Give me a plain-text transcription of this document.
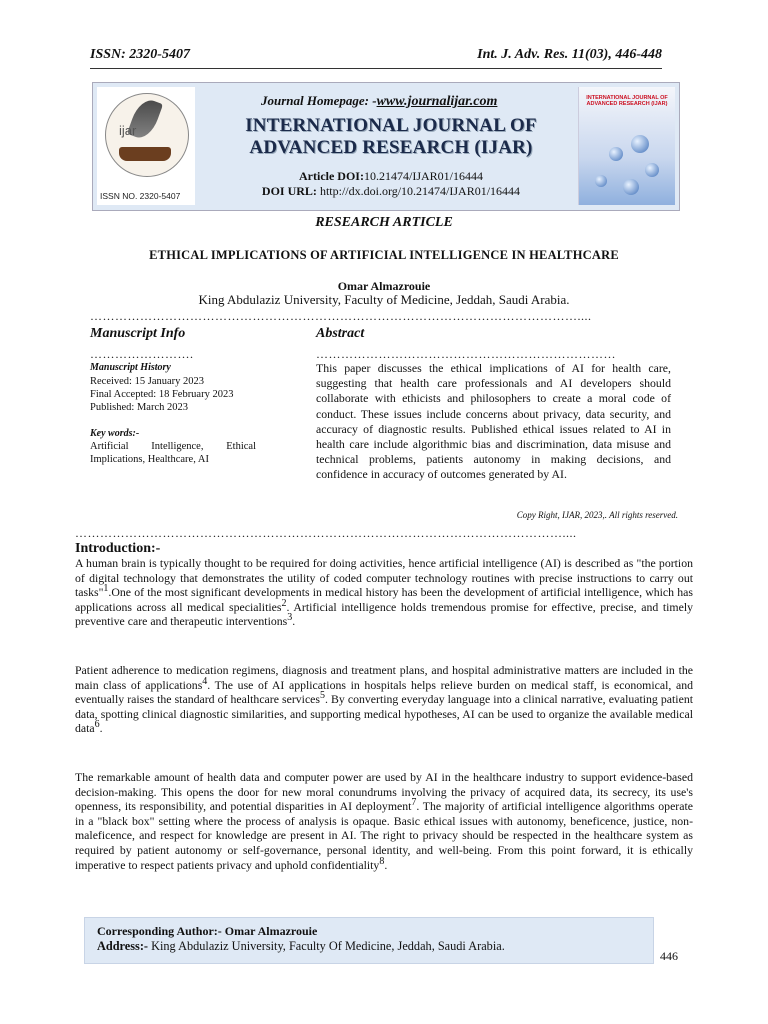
ISSN: 2320-5407	Int. J. Adv. Res. 11(03), 446-448
ijar
ISSN NO. 2320-5407
Journal Homepage: -www.journalijar.com
INTERNATIONAL JOURNAL OF
ADVANCED RESEARCH (IJAR)
Article DOI:10.21474/IJAR01/16444
DOI URL: http://dx.doi.org/10.21474/IJAR01/16444
INTERNATIONAL JOURNAL OF ADVANCED RESEARCH (IJAR)
RESEARCH ARTICLE
ETHICAL IMPLICATIONS OF ARTIFICIAL INTELLIGENCE IN HEALTHCARE
Omar Almazrouie
King Abdulaziz University, Faculty of Medicine, Jeddah, Saudi Arabia.
………………………………………………………………………………………………………....
Manuscript Info	Abstract
…………………….	………………………………………………………………
Manuscript History
Received: 15 January 2023
Final Accepted: 18 February 2023
Published: March 2023
Key words:-
Artificial Intelligence, Ethical Implications, Healthcare, AI
This paper discusses the ethical implications of AI for health care, suggesting that health care professionals and AI developers should collaborate with ethicists and philosophers to create a moral code of conduct. These issues include concerns about privacy, data security, and accuracy of diagnostic results. Published ethical issues related to AI in health care include algorithmic bias and discrimination, data misuse and technical problems, patients autonomy in making decisions, and confidence in accuracy of outcomes generated by AI.
Copy Right, IJAR, 2023,. All rights reserved.
………………………………………………………………………………………………………....
Introduction:-
A human brain is typically thought to be required for doing activities, hence artificial intelligence (AI) is described as "the portion of digital technology that demonstrates the utility of coded computer technology routines with precise instructions to carry out tasks"$^1$.One of the most significant developments in medical history has been the development of artificial intelligence, which has applications across all medical specialities$^2$. Artificial intelligence holds tremendous promise for effective, precise, and timely preventive care and therapeutic interventions$^3$.
Patient adherence to medication regimens, diagnosis and treatment plans, and hospital administrative matters are included in the main class of applications$^4$. The use of AI applications in hospitals helps relieve burden on medical staff, is economical, and eventually raises the standard of healthcare services$^5$. By converting everyday language into a clinical narrative, evaluating patient data, spotting clinical diagnostic similarities, and supporting medical hypotheses, AI can be used to organize the available medical data$^6$.
The remarkable amount of health data and computer power are used by AI in the healthcare industry to support evidence-based decision-making. This opens the door for new moral conundrums involving the privacy of acquired data, its secrecy, its use's openness, its responsibility, and potential disparities in AI deployment$^7$. The majority of artificial intelligence algorithms operate in a "black box" setting where the process of analysis is opaque. Basic ethical issues with autonomy, beneficence, justice, non-maleficence, and respect for knowledge are present in AI. The right to privacy should be respected in the healthcare system as required by patient autonomy or self-governance, personal identity, and well-being. From this point forward, it is ethically imperative to respect patients privacy and uphold confidentiality$^8$.
Corresponding Author:- Omar Almazrouie
Address:- King Abdulaziz University, Faculty Of Medicine, Jeddah, Saudi Arabia.
446
